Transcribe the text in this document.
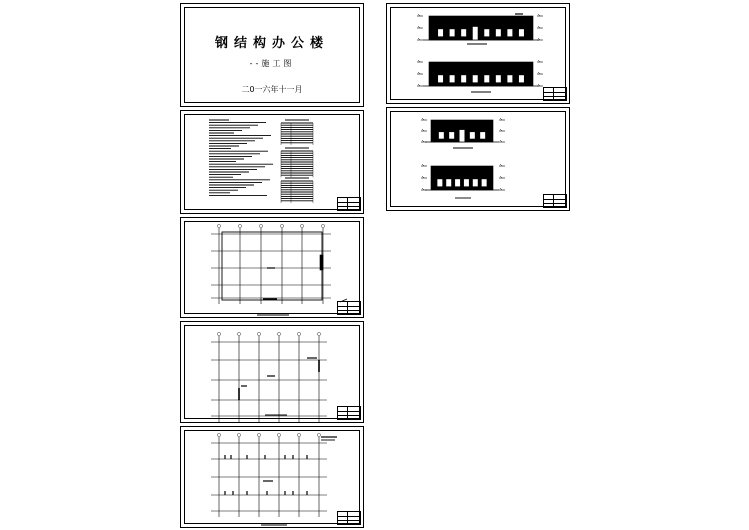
钢结构办公楼
--施工图
二0一六年十一月
